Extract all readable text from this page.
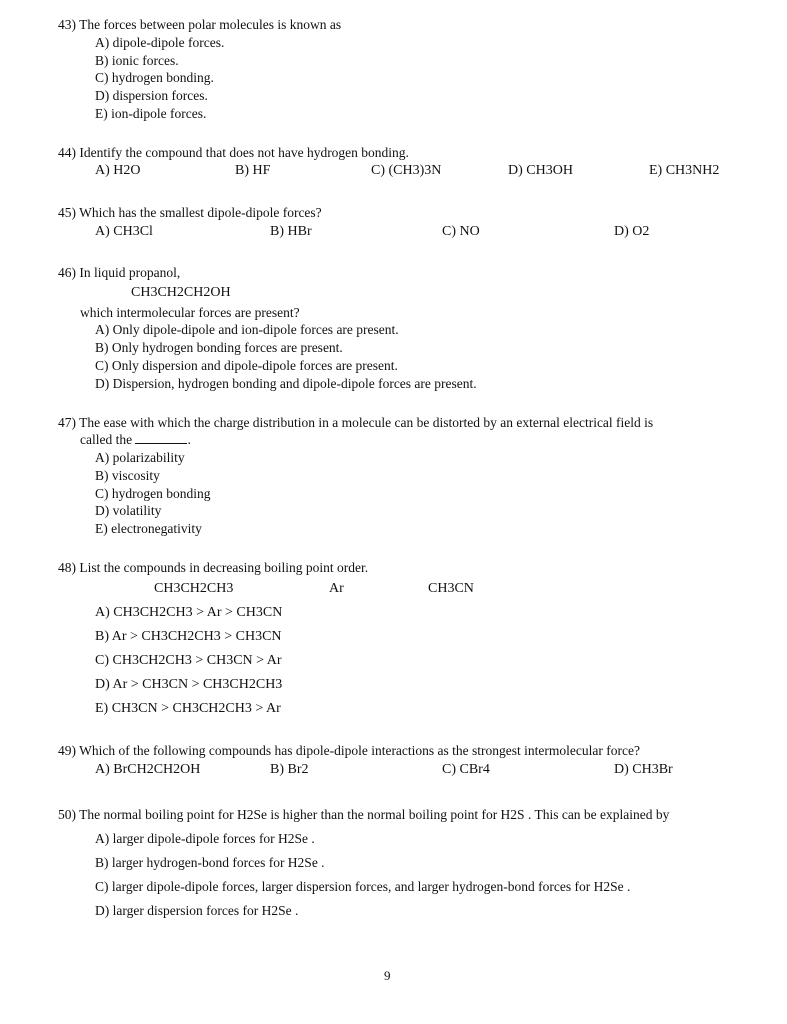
43) The forces between polar molecules is known as
A) dipole-dipole forces.
B) ionic forces.
C) hydrogen bonding.
D) dispersion forces.
E) ion-dipole forces.
44) Identify the compound that does not have hydrogen bonding.
A) H2O	B) HF	C) (CH3)3N	D) CH3OH	E) CH3NH2
45) Which has the smallest dipole-dipole forces?
A) CH3Cl	B) HBr	C) NO	D) O2
46) In liquid propanol,
CH3CH2CH2OH
which intermolecular forces are present?
A) Only dipole-dipole and ion-dipole forces are present.
B) Only hydrogen bonding forces are present.
C) Only dispersion and dipole-dipole forces are present.
D) Dispersion, hydrogen bonding and dipole-dipole forces are present.
47) The ease with which the charge distribution in a molecule can be distorted by an external electrical field is
called the	.
A) polarizability
B) viscosity
C) hydrogen bonding
D) volatility
E) electronegativity
48) List the compounds in decreasing boiling point order.
CH3CH2CH3	Ar	CH3CN
A) CH3CH2CH3 > Ar > CH3CN
B) Ar > CH3CH2CH3 > CH3CN
C) CH3CH2CH3 > CH3CN > Ar
D) Ar > CH3CN > CH3CH2CH3
E) CH3CN > CH3CH2CH3 > Ar
49) Which of the following compounds has dipole-dipole interactions as the strongest intermolecular force?
A) BrCH2CH2OH	B) Br2	C) CBr4	D) CH3Br
50) The normal boiling point for H2Se is higher than the normal boiling point for H2S . This can be explained by
A) larger dipole-dipole forces for H2Se .
B) larger hydrogen-bond forces for H2Se .
C) larger dipole-dipole forces, larger dispersion forces, and larger hydrogen-bond forces for H2Se .
D) larger dispersion forces for H2Se .
9
